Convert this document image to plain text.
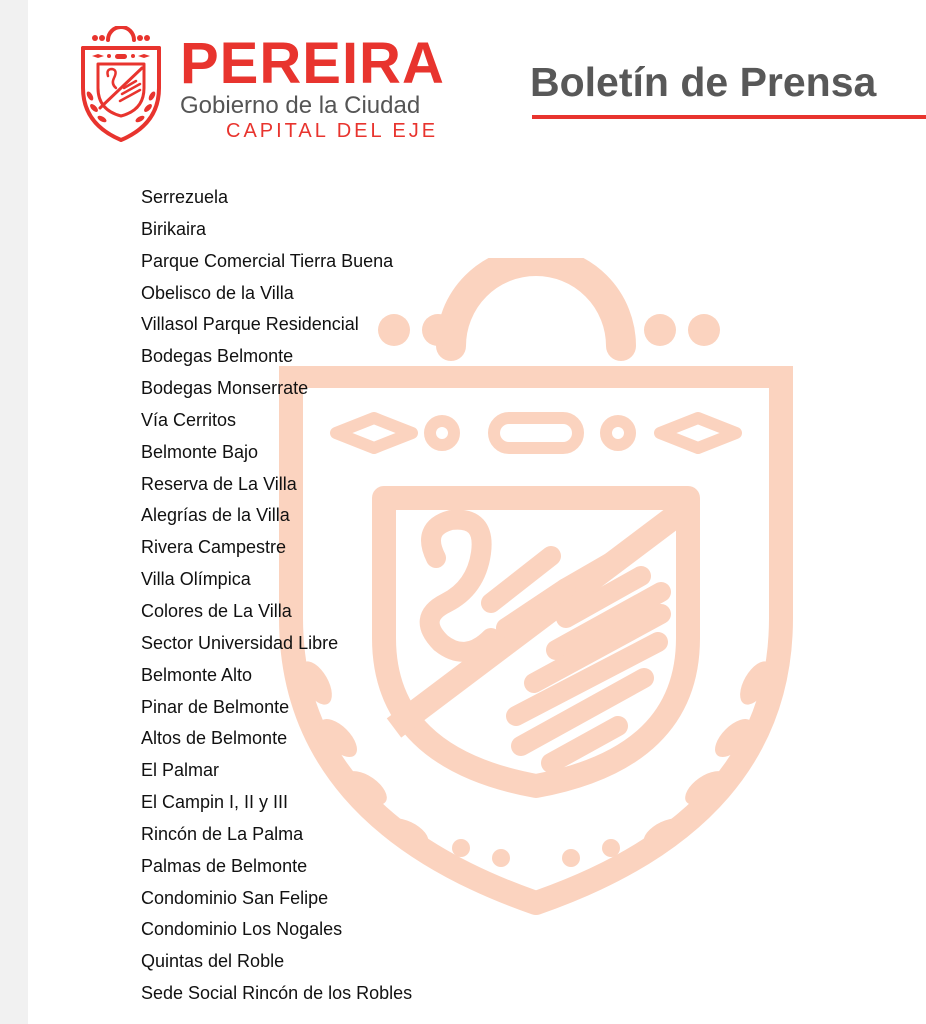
PEREIRA
Gobierno de la Ciudad
CAPITAL DEL EJE
Boletín de Prensa
Serrezuela
Birikaira
Parque Comercial Tierra Buena
Obelisco de la Villa
Villasol Parque Residencial
Bodegas Belmonte
Bodegas Monserrate
Vía Cerritos
Belmonte Bajo
Reserva de La Villa
Alegrías de la Villa
Rivera Campestre
Villa Olímpica
Colores de La Villa
Sector Universidad Libre
Belmonte Alto
Pinar de Belmonte
Altos de Belmonte
El Palmar
El Campin I, II y III
Rincón de La Palma
Palmas de Belmonte
Condominio San Felipe
Condominio Los Nogales
Quintas del Roble
Sede Social Rincón de los Robles
